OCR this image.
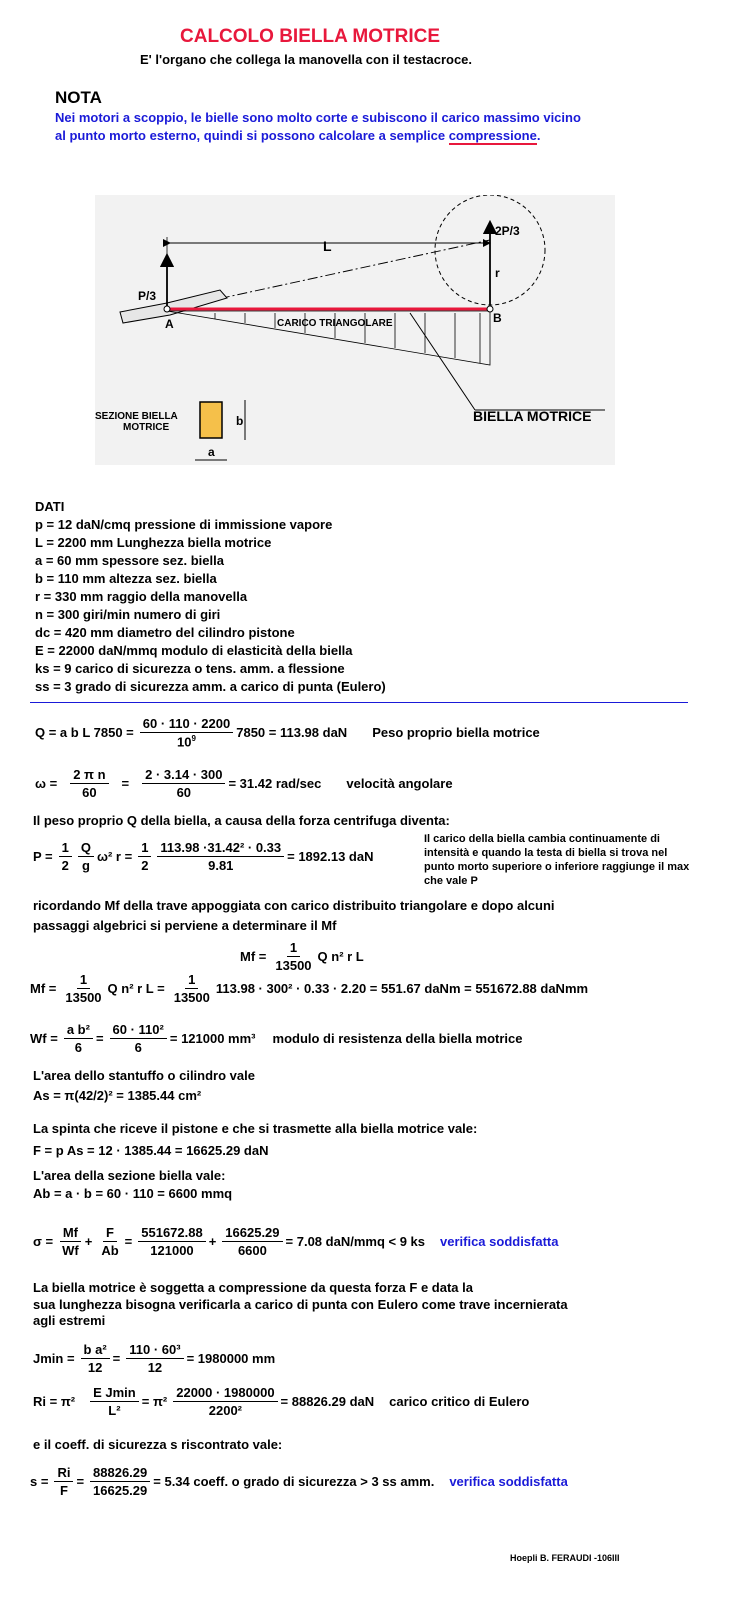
CALCOLO BIELLA MOTRICE
E' l'organo che collega la manovella con il testacroce.
NOTA
Nei motori a scoppio, le bielle sono molto corte e subiscono il carico massimo vicino
al punto morto esterno, quindi si possono calcolare a semplice compressione.
L
2P/3
r
P/3
A	B
CARICO TRIANGOLARE
BIELLA MOTRICE
SEZIONE BIELLA
MOTRICE	b
a
DATI
p = 12 daN/cmq pressione di immissione vapore
L = 2200 mm Lunghezza biella motrice
a = 60 mm spessore sez. biella
b = 110 mm altezza sez. biella
r = 330 mm raggio della manovella
n = 300 giri/min numero di giri
dc = 420 mm diametro del cilindro pistone
E = 22000 daN/mmq modulo di elasticità della biella
ks = 9 carico di sicurezza o tens. amm. a flessione
ss = 3 grado di sicurezza amm. a carico di punta (Eulero)
Q = a b L $7850 = \frac{60 \cdot 110 \cdot 2200}{10^9} 7850 = 113.98$ daN Peso proprio biella motrice
$\omega = \frac{\text{2 π n}}{60} = \frac{2 \cdot 3.14 \cdot 300}{60} = 31.42$ rad/sec velocità angolare
Il peso proprio Q della biella, a causa della forza centrifuga diventa:
$P = \frac{1}{2} \frac{Q}{g} \omega^2$ $r = \frac{1}{2} \frac{\text{113.98 ·31.42² · 0.33}}{9.81} = 1892.13$ daN
Il carico della biella cambia continuamente di
intensità e quando la testa di biella si trova nel
punto morto superiore o inferiore raggiunge il max
che vale P
ricordando Mf della trave appoggiata con carico distribuito triangolare e dopo alcuni
passaggi algebrici si perviene a determinare il Mf
$Mf = \frac{1}{13500}$ Q n² r L
$Mf = \frac{1}{13500}$ Q n² r $L = \frac{1}{13500} 113.98 \cdot 300^2 \cdot 0.33 \cdot 2.20 = 551.67$ daNm = 551672.88 daNmm
$Wf = \frac{\text{a b²}}{6} = \frac{\text{60 · 110²}}{6} = 121000$ mm³ modulo di resistenza della biella motrice
L'area dello stantuffo o cilindro vale
As = π(42/2)² = 1385.44 cm²
La spinta che riceve il pistone e che si trasmette alla biella motrice vale:
F = p As = 12 · 1385.44 = 16625.29 daN
L'area della sezione biella vale:
Ab = a · b = 60 · 110 = 6600 mmq
$\sigma = \frac{Mf}{Wf} + \frac{F}{Ab} = \frac{551672.88}{121000} + \frac{16625.29}{6600} = 7.08$ daN/mmq < 9 ks verifica soddisfatta
La biella motrice è soggetta a compressione da questa forza F e data la
sua lunghezza bisogna verificarla a carico di punta con Eulero come trave incernierata
agli estremi
$Jmin = \frac{\text{b a²}}{12} = \frac{\text{110 · 60³}}{12} = 1980000$ mm
$Ri = \pi^2 \frac{\text{E Jmin}}{\text{L²}} = \pi^2 \frac{22000 \cdot 1980000}{\text{2200²}} = 88826.29$ daN carico critico di Eulero
e il coeff. di sicurezza s riscontrato vale:
$s = \frac{Ri}{F} = \frac{88826.29}{16625.29} = 5.34$ coeff. o grado di sicurezza > 3 ss amm. verifica soddisfatta
Hoepli B. FERAUDI -106III
